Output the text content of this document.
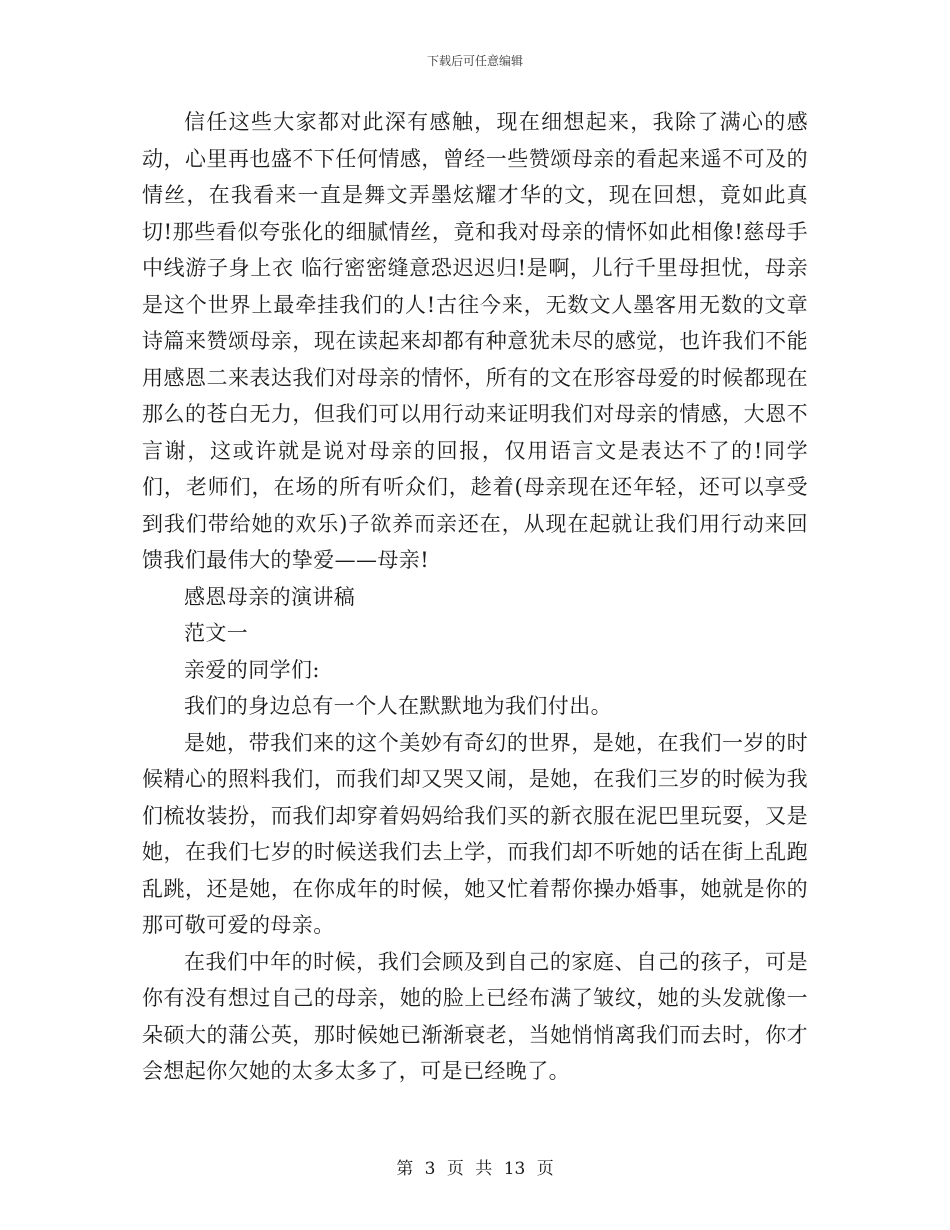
下载后可任意编辑

信任这些大家都对此深有感触，现在细想起来，我除了满心的感动，心里再也盛不下任何情感，曾经一些赞颂母亲的看起来遥不可及的情丝，在我看来一直是舞文弄墨炫耀才华的文，现在回想，竟如此真切!那些看似夸张化的细腻情丝，竟和我对母亲的情怀如此相像!慈母手中线游子身上衣 临行密密缝意恐迟迟归!是啊，儿行千里母担忧，母亲是这个世界上最牵挂我们的人!古往今来，无数文人墨客用无数的文章诗篇来赞颂母亲，现在读起来却都有种意犹未尽的感觉，也许我们不能用感恩二来表达我们对母亲的情怀，所有的文在形容母爱的时候都现在那么的苍白无力，但我们可以用行动来证明我们对母亲的情感，大恩不言谢，这或许就是说对母亲的回报，仅用语言文是表达不了的!同学们，老师们，在场的所有听众们，趁着(母亲现在还年轻，还可以享受到我们带给她的欢乐)子欲养而亲还在，从现在起就让我们用行动来回馈我们最伟大的挚爱——母亲!

感恩母亲的演讲稿

范文一

亲爱的同学们:

我们的身边总有一个人在默默地为我们付出。

是她，带我们来的这个美妙有奇幻的世界，是她，在我们一岁的时候精心的照料我们，而我们却又哭又闹，是她，在我们三岁的时候为我们梳妆装扮，而我们却穿着妈妈给我们买的新衣服在泥巴里玩耍，又是她，在我们七岁的时候送我们去上学，而我们却不听她的话在街上乱跑乱跳，还是她，在你成年的时候，她又忙着帮你操办婚事，她就是你的那可敬可爱的母亲。

在我们中年的时候，我们会顾及到自己的家庭、自己的孩子，可是你有没有想过自己的母亲，她的脸上已经布满了皱纹，她的头发就像一朵硕大的蒲公英，那时候她已渐渐衰老，当她悄悄离我们而去时，你才会想起你欠她的太多太多了，可是已经晚了。

第 3 页 共 13 页
